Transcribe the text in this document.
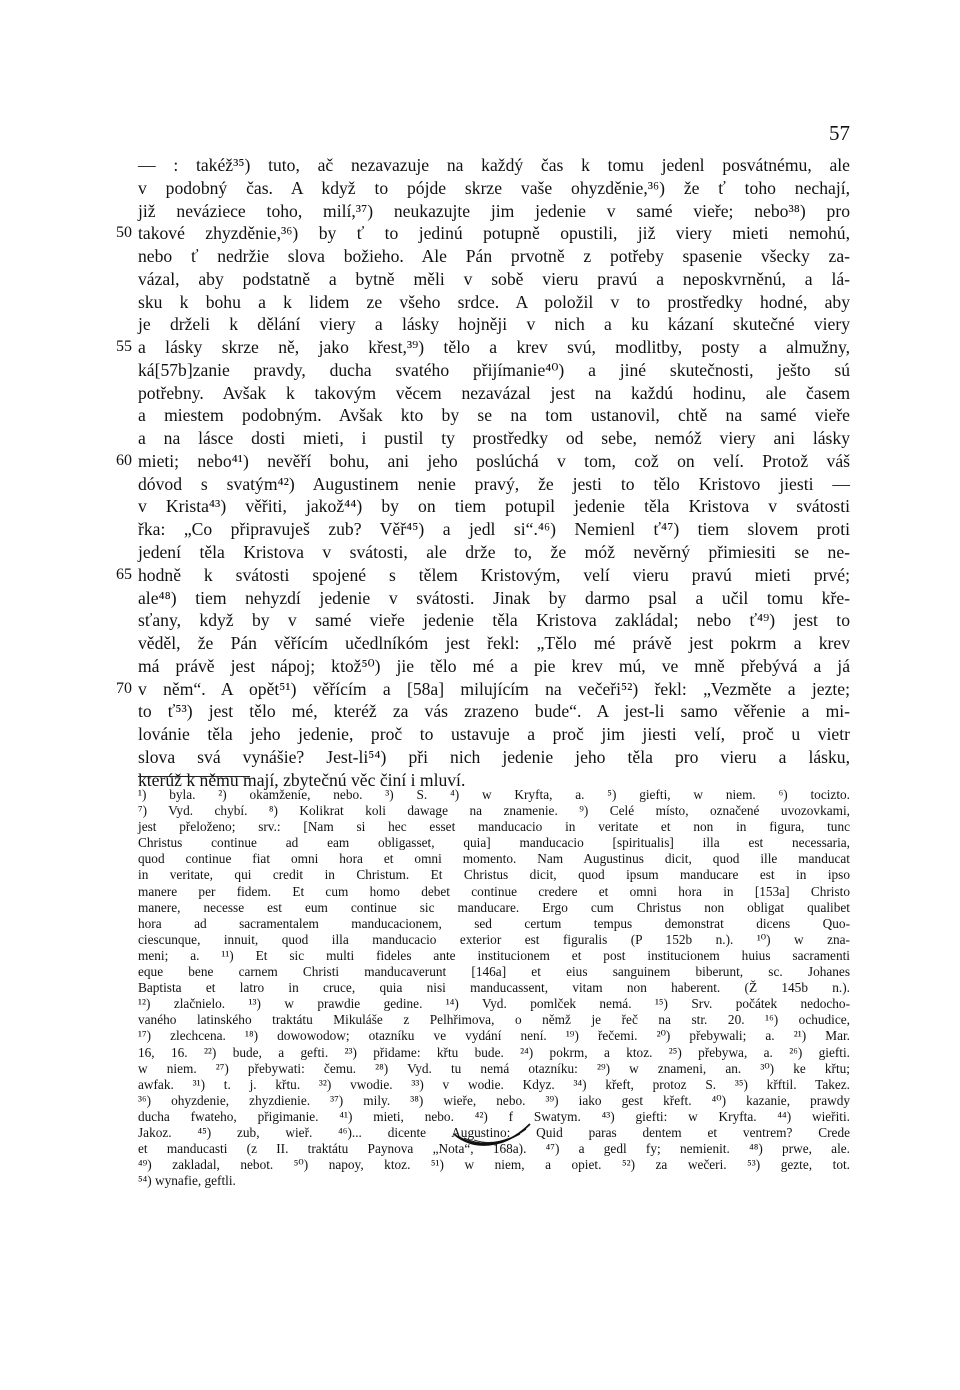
57
— : takéž³⁵) tuto, ač nezavazuje na každý čas k tomu jedenl posvátnému, ale
v podobný čas. A když to pójde skrze vaše ohyzděnie,³⁶) že ť toho nechají,
již neváziece toho, milí,³⁷) neukazujte jim jedenie v samé vieře; nebo³⁸) pro
50 takové zhyzděnie,³⁶) by ť to jedinú potupně opustili, již viery mieti nemohú,
nebo ť nedržie slova božieho. Ale Pán prvotně z potřeby spasenie všecky za-
vázal, aby podstatně a bytně měli v sobě vieru pravú a neposkvrněnú, a lá-
sku k bohu a k lidem ze všeho srdce. A položil v to prostředky hodné, aby
je drželi k dělání viery a lásky hojněji v nich a ku kázaní skutečné viery
55 a lásky skrze ně, jako křest,³⁹) tělo a krev svú, modlitby, posty a almužny,
ká[57b]zanie pravdy, ducha svatého přijímanie⁴⁰) a jiné skutečnosti, ješto sú
potřebny. Avšak k takovým věcem nezavázal jest na každú hodinu, ale časem
a miestem podobným. Avšak kto by se na tom ustanovil, chtě na samé vieře
a na lásce dosti mieti, i pustil ty prostředky od sebe, nemóž viery ani lásky
60 mieti; nebo⁴¹) nevěří bohu, ani jeho poslúchá v tom, což on velí. Protož váš
dóvod s svatým⁴²) Augustinem nenie pravý, že jesti to tělo Kristovo jiesti —
v Krista⁴³) věřiti, jakož⁴⁴) by on tiem potupil jedenie těla Kristova v svátosti
řka: „Co připravuješ zub? Věř⁴⁵) a jedl si“.⁴⁶) Nemienl ť⁴⁷) tiem slovem proti
jedení těla Kristova v svátosti, ale drže to, že móž nevěrný přimiesiti se ne-
65 hodně k svátosti spojené s tělem Kristovým, velí vieru pravú mieti prvé;
ale⁴⁸) tiem nehyzdí jedenie v svátosti. Jinak by darmo psal a učil tomu kře-
sťany, když by v samé vieře jedenie těla Kristova zakládal; nebo ť⁴⁹) jest to
věděl, že Pán věřícím učedlníkóm jest řekl: „Tělo mé právě jest pokrm a krev
má právě jest nápoj; ktož⁵⁰) jie tělo mé a pie krev mú, ve mně přebývá a já
70 v něm“. A opět⁵¹) věřícím a [58a] milujícím na večeři⁵²) řekl: „Vezměte a jezte;
to ť⁵³) jest tělo mé, kteréž za vás zrazeno bude“. A jest-li samo věřenie a mi-
lovánie těla jeho jedenie, proč to ustavuje a proč jim jiesti velí, proč u vietr
slova svá vynášie? Jest-li⁵⁴) při nich jedenie jeho těla pro vieru a lásku,
kterúž k němu mají, zbytečnú věc činí i mluví.
¹) byla. ²) okamženie, nebo. ³) S. ⁴) w Kryfta, a. ⁵) giefti, w niem. ⁶) tocizto.
⁷) Vyd. chybí. ⁸) Kolikrat koli dawage na znamenie. ⁹) Celé místo, označené uvozovkami,
jest přeloženo; srv.: [Nam si hec esset manducacio in veritate et non in figura, tunc
Christus continue ad eam obligasset, quia] manducacio [spiritualis] illa est necessaria,
quod continue fiat omni hora et omni momento. Nam Augustinus dicit, quod ille manducat
in veritate, qui credit in Christum. Et Christus dicit, quod ipsum manducare est in ipso
manere per fidem. Et cum homo debet continue credere et omni hora in [153a] Christo
manere, necesse est eum continue sic manducare. Ergo cum Christus non obligat qualibet
hora ad sacramentalem manducacionem, sed certum tempus demonstrat dicens Quo-
ciescunque, innuit, quod illa manducacio exterior est figuralis (P 152b n.). ¹⁰) w zna-
meni; a. ¹¹) Et sic multi fideles ante institucionem et post institucionem huius sacramenti
eque bene carnem Christi manducaverunt [146a] et eius sanguinem biberunt, sc. Johanes
Baptista et latro in cruce, quia nisi manducassent, vitam non haberent. (Ž 145b n.).
¹²) zlačnielo. ¹³) w prawdie gedine. ¹⁴) Vyd. pomlček nemá. ¹⁵) Srv. počátek nedocho-
vaného latinského traktátu Mikuláše z Pelhřimova, o němž je řeč na str. 20. ¹⁶) ochudice,
¹⁷) zlechcena. ¹⁸) dowowodow; otazníku ve vydání není. ¹⁹) řečemi. ²⁰) přebywali; a. ²¹) Mar.
16, 16. ²²) bude, a gefti. ²³) přidame: křtu bude. ²⁴) pokrm, a ktoz. ²⁵) přebywa, a. ²⁶) giefti.
w niem. ²⁷) přebywati: čemu. ²⁸) Vyd. tu nemá otazníku: ²⁹) w znameni, an. ³⁰) ke křtu;
awfak. ³¹) t. j. křtu. ³²) vwodie. ³³) v wodie. Kdyz. ³⁴) křeft, protoz S. ³⁵) křftil. Takez.
³⁶) ohyzdenie, zhyzdienie. ³⁷) mily. ³⁸) wieře, nebo. ³⁹) iako gest křeft. ⁴⁰) kazanie, prawdy
ducha fwateho, přigimanie. ⁴¹) mieti, nebo. ⁴²) f Swatym. ⁴³) giefti: w Kryfta. ⁴⁴) wieřiti.
Jakoz. ⁴⁵) zub, wieř. ⁴⁶)... dicente Augustino: Quid paras dentem et ventrem? Crede
et manducasti (z II. traktátu Paynova „Nota“, 168a). ⁴⁷) a gedl fy; nemienit. ⁴⁸) prwe, ale.
⁴⁹) zakladal, nebot. ⁵⁰) napoy, ktoz. ⁵¹) w niem, a opiet. ⁵²) za wečeri. ⁵³) gezte, tot.
⁵⁴) wynafie, geftli.
